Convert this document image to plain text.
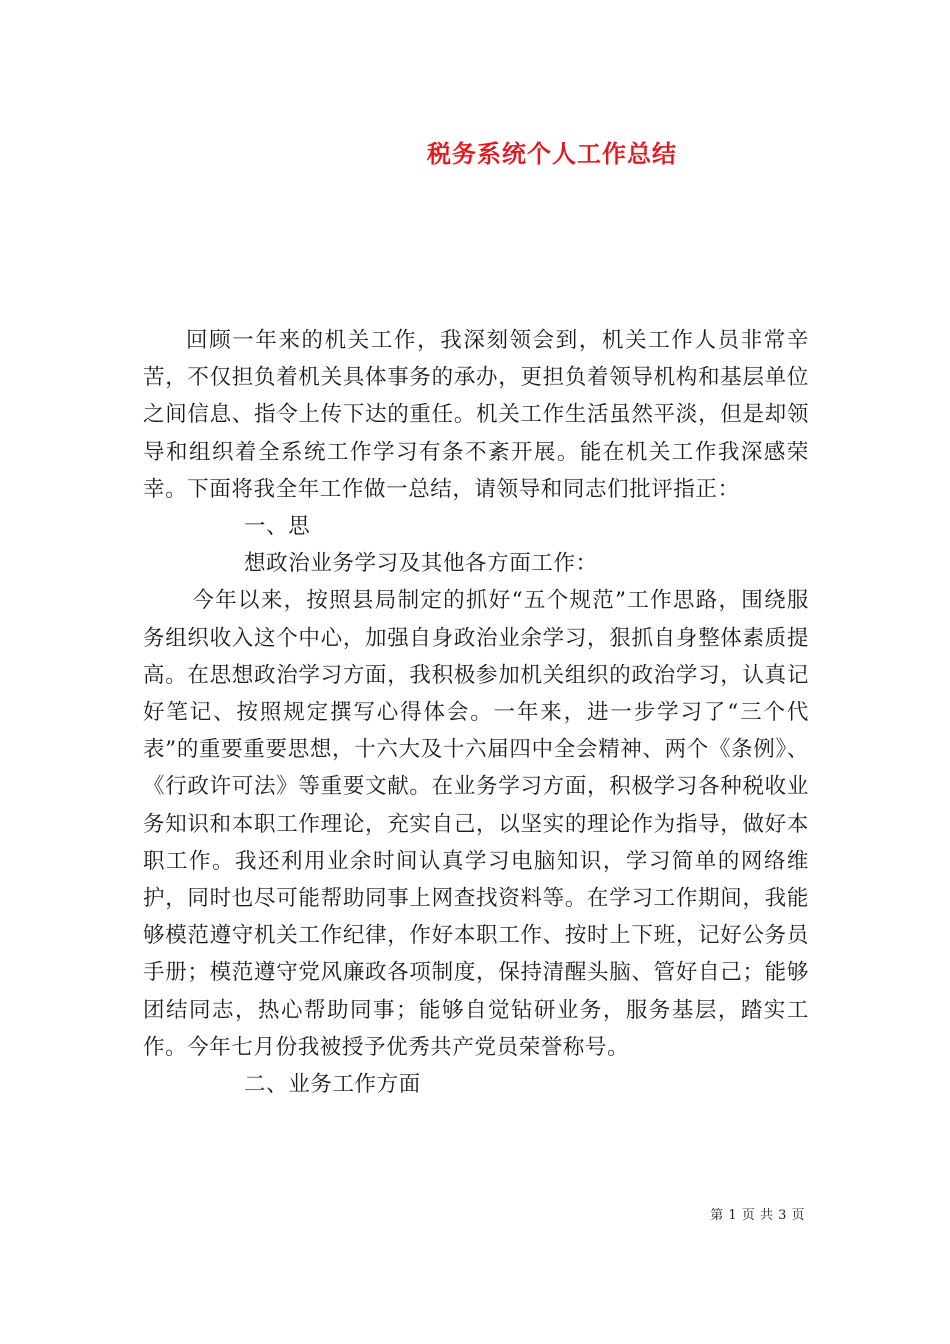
税务系统个人工作总结

回顾一年来的机关工作，我深刻领会到，机关工作人员非常辛苦，不仅担负着机关具体事务的承办，更担负着领导机构和基层单位之间信息、指令上传下达的重任。机关工作生活虽然平淡，但是却领导和组织着全系统工作学习有条不紊开展。能在机关工作我深感荣幸。下面将我全年工作做一总结，请领导和同志们批评指正：

一、思

想政治业务学习及其他各方面工作：

今年以来，按照县局制定的抓好“五个规范”工作思路，围绕服务组织收入这个中心，加强自身政治业余学习，狠抓自身整体素质提高。在思想政治学习方面，我积极参加机关组织的政治学习，认真记好笔记、按照规定撰写心得体会。一年来，进一步学习了“三个代表”的重要重要思想，十六大及十六届四中全会精神、两个《条例》、《行政许可法》等重要文献。在业务学习方面，积极学习各种税收业务知识和本职工作理论，充实自己，以坚实的理论作为指导，做好本职工作。我还利用业余时间认真学习电脑知识，学习简单的网络维护，同时也尽可能帮助同事上网查找资料等。在学习工作期间，我能够模范遵守机关工作纪律，作好本职工作、按时上下班，记好公务员手册；模范遵守党风廉政各项制度，保持清醒头脑、管好自己；能够团结同志，热心帮助同事；能够自觉钻研业务，服务基层，踏实工作。今年七月份我被授予优秀共产党员荣誉称号。

二、业务工作方面

第 1 页 共 3 页
